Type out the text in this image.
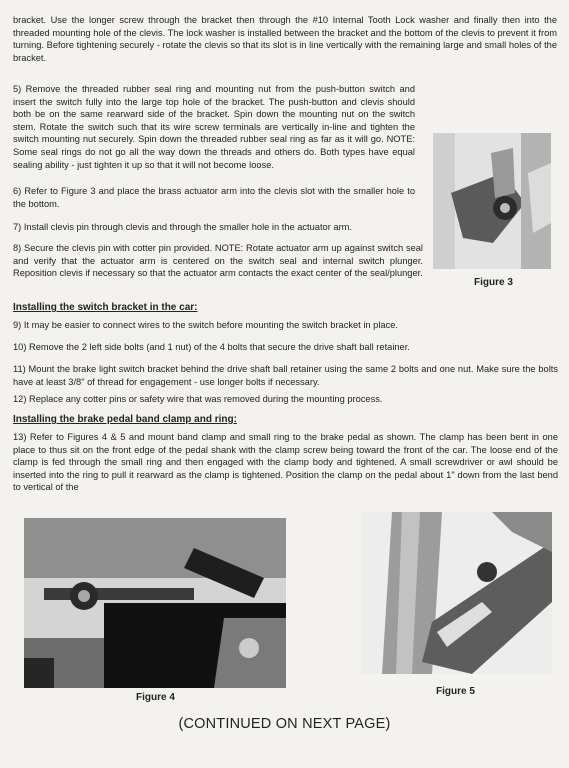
bracket. Use the longer screw through the bracket then through the #10 Internal Tooth Lock washer and finally then into the threaded mounting hole of the clevis. The lock washer is installed between the bracket and the bottom of the clevis to prevent it from turning. Before tightening securely - rotate the clevis so that its slot is in line vertically with the remaining large and small holes of the bracket.

5) Remove the threaded rubber seal ring and mounting nut from the push-button switch and insert the switch fully into the large top hole of the bracket. The push-button and clevis should both be on the same rearward side of the bracket. Spin down the mounting nut on the switch stem. Rotate the switch such that its wire screw terminals are vertically in-line and tighten the switch mounting nut securely. Spin down the threaded rubber seal ring as far as it will go. NOTE: Some seal rings do not go all the way down the threads and others do. Both types have equal sealing ability - just tighten it up so that it will not become loose.

6) Refer to Figure 3 and place the brass actuator arm into the clevis slot with the smaller hole to the bottom.

7) Install clevis pin through clevis and through the smaller hole in the actuator arm.

8) Secure the clevis pin with cotter pin provided. NOTE: Rotate actuator arm up against switch seal and verify that the actuator arm is centered on the switch seal and internal switch plunger. Reposition clevis if necessary so that the actuator arm contacts the exact center of the seal/plunger.

Figure 3

Installing the switch bracket in the car:

9) It may be easier to connect wires to the switch before mounting the switch bracket in place.

10) Remove the 2 left side bolts (and 1 nut) of the 4 bolts that secure the drive shaft ball retainer.

11) Mount the brake light switch bracket behind the drive shaft ball retainer using the same 2 bolts and one nut. Make sure the bolts have at least 3/8" of thread for engagement - use longer bolts if necessary.

12) Replace any cotter pins or safety wire that was removed during the mounting process.

Installing the brake pedal band clamp and ring:

13) Refer to Figures 4 & 5 and mount band clamp and small ring to the brake pedal as shown. The clamp has been bent in one place to thus sit on the front edge of the pedal shank with the clamp screw being toward the front of the car. The loose end of the clamp is fed through the small ring and then engaged with the clamp body and tightened. A small screwdriver or awl should be inserted into the ring to pull it rearward as the clamp is tightened. Position the clamp on the pedal about 1" down from the last bend to vertical of the

Figure 4

Figure 5

(CONTINUED ON NEXT PAGE)
